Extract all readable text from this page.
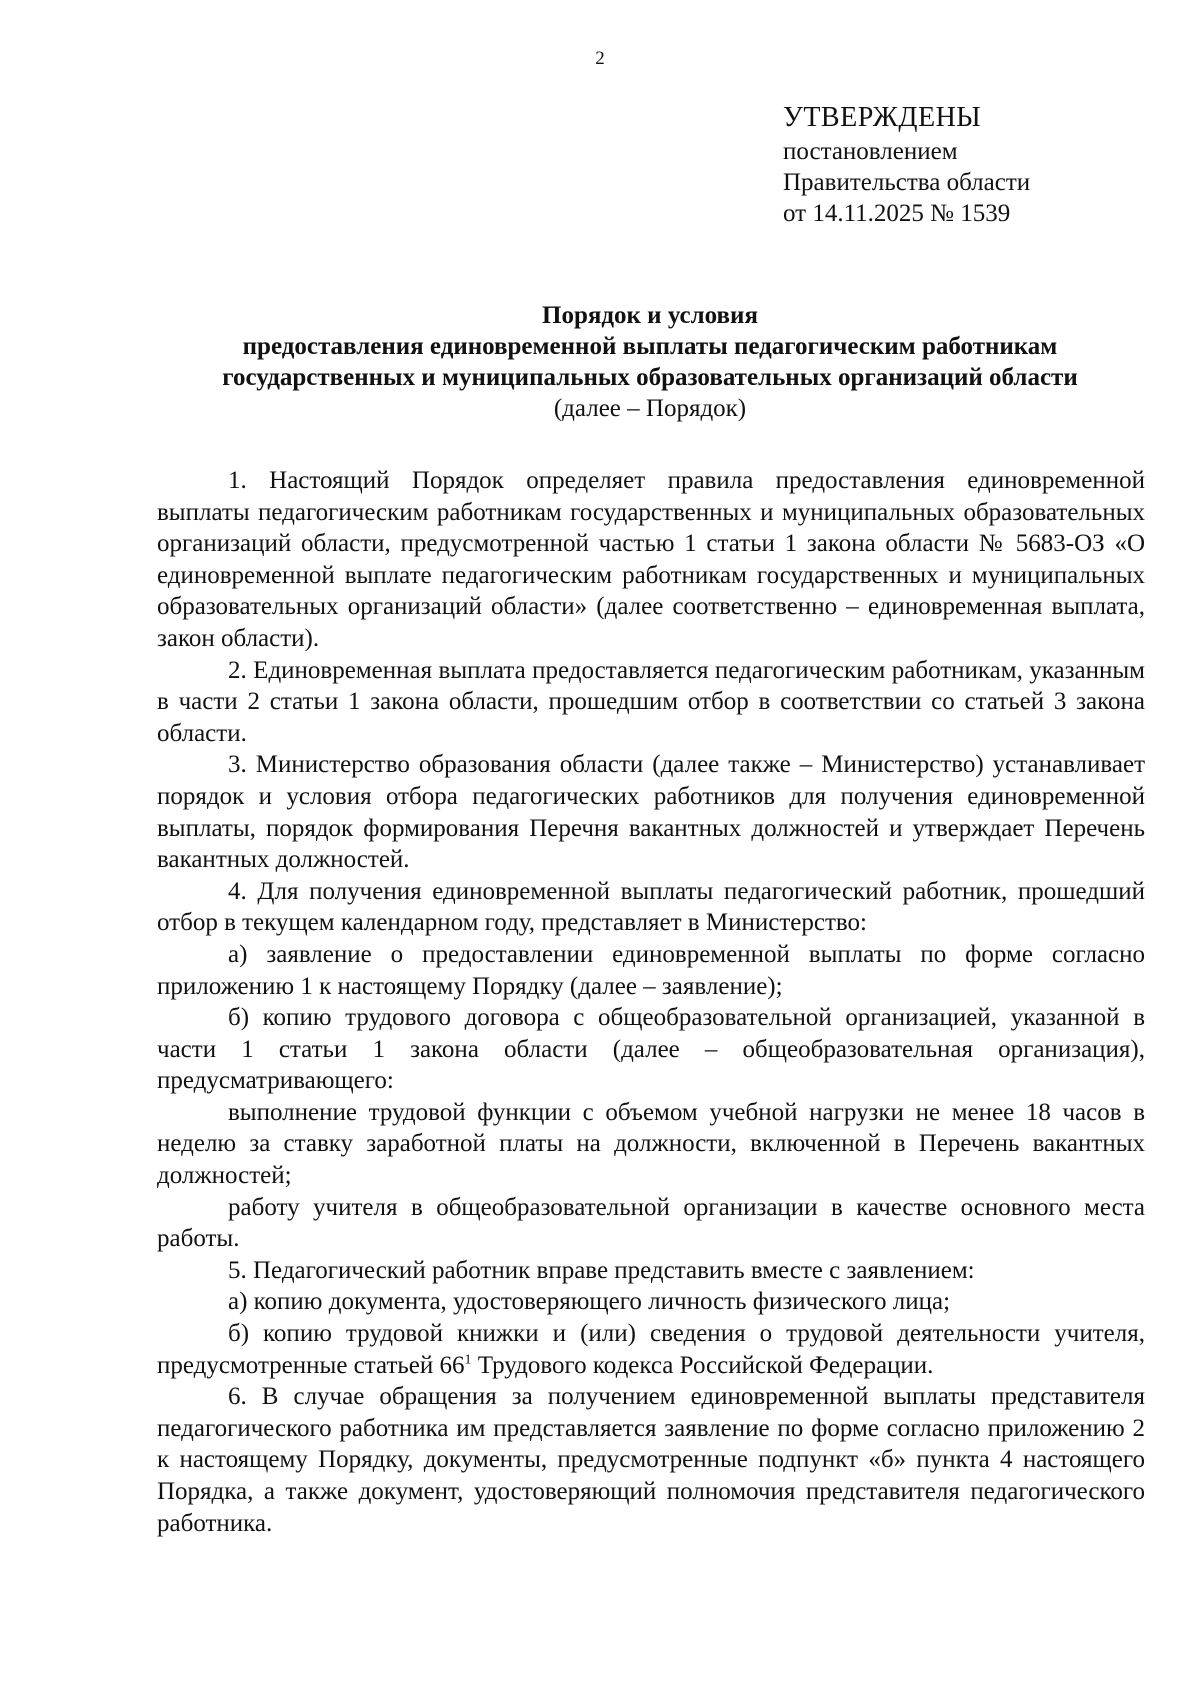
2
УТВЕРЖДЕНЫ
постановлением
Правительства области
от 14.11.2025 № 1539
Порядок и условия
предоставления единовременной выплаты педагогическим работникам
государственных и муниципальных образовательных организаций области
(далее – Порядок)

1. Настоящий Порядок определяет правила предоставления единовременной выплаты педагогическим работникам государственных и муниципальных образовательных организаций области, предусмотренной частью 1 статьи 1 закона области № 5683-ОЗ «О единовременной выплате педагогическим работникам государственных и муниципальных образовательных организаций области» (далее соответственно – единовременная выплата, закон области).

2. Единовременная выплата предоставляется педагогическим работникам, указанным в части 2 статьи 1 закона области, прошедшим отбор в соответствии со статьей 3 закона области.

3. Министерство образования области (далее также – Министерство) устанавливает порядок и условия отбора педагогических работников для получения единовременной выплаты, порядок формирования Перечня вакантных должностей и утверждает Перечень вакантных должностей.

4. Для получения единовременной выплаты педагогический работник, прошедший отбор в текущем календарном году, представляет в Министерство:

а) заявление о предоставлении единовременной выплаты по форме согласно приложению 1 к настоящему Порядку (далее – заявление);

б) копию трудового договора с общеобразовательной организацией, указанной в части 1 статьи 1 закона области (далее – общеобразовательная организация), предусматривающего:

выполнение трудовой функции с объемом учебной нагрузки не менее 18 часов в неделю за ставку заработной платы на должности, включенной в Перечень вакантных должностей;

работу учителя в общеобразовательной организации в качестве основного места работы.

5. Педагогический работник вправе представить вместе с заявлением:

а) копию документа, удостоверяющего личность физического лица;

б) копию трудовой книжки и (или) сведения о трудовой деятельности учителя, предусмотренные статьей $66^1$ Трудового кодекса Российской Федерации.

6. В случае обращения за получением единовременной выплаты представителя педагогического работника им представляется заявление по форме согласно приложению 2 к настоящему Порядку, документы, предусмотренные подпункт «б» пункта 4 настоящего Порядка, а также документ, удостоверяющий полномочия представителя педагогического работника.
